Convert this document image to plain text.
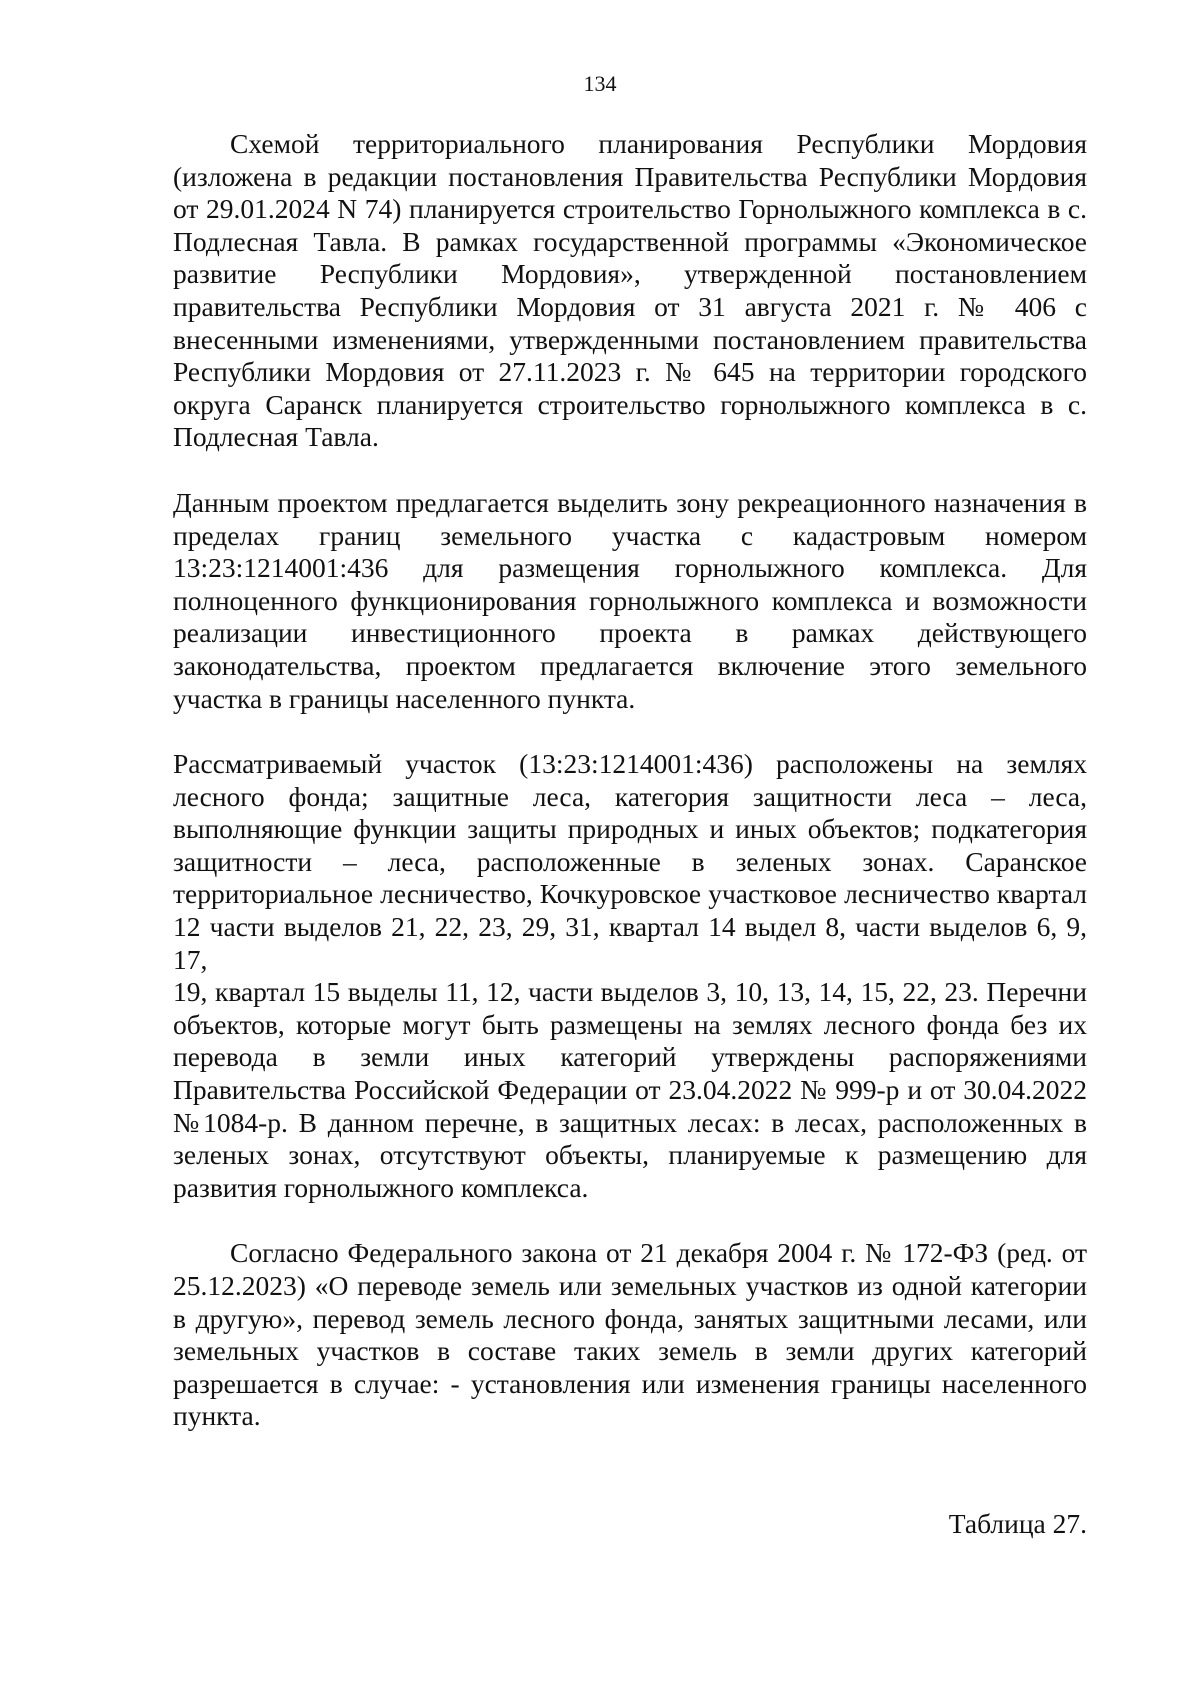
134

Схемой территориального планирования Республики Мордовия (изложена в редакции постановления Правительства Республики Мордовия от 29.01.2024 N 74) планируется строительство Горнолыжного комплекса в с. Подлесная Тавла. В рамках государственной программы «Экономическое развитие Республики Мордовия», утвержденной постановлением правительства Республики Мордовия от 31 августа 2021 г. № 406 с внесенными изменениями, утвержденными постановлением правительства Республики Мордовия от 27.11.2023 г. № 645 на территории городского округа Саранск планируется строительство горнолыжного комплекса в с. Подлесная Тавла.

Данным проектом предлагается выделить зону рекреационного назначения в пределах границ земельного участка с кадастровым номером 13:23:1214001:436 для размещения горнолыжного комплекса. Для полноценного функционирования горнолыжного комплекса и возможности реализации инвестиционного проекта в рамках действующего законодательства, проектом предлагается включение этого земельного участка в границы населенного пункта.

Рассматриваемый участок (13:23:1214001:436) расположены на землях лесного фонда; защитные леса, категория защитности леса – леса, выполняющие функции защиты природных и иных объектов; подкатегория защитности – леса, расположенные в зеленых зонах. Саранское территориальное лесничество, Кочкуровское участковое лесничество квартал 12 части выделов 21, 22, 23, 29, 31, квартал 14 выдел 8, части выделов 6, 9, 17,

19, квартал 15 выделы 11, 12, части выделов 3, 10, 13, 14, 15, 22, 23. Перечни объектов, которые могут быть размещены на землях лесного фонда без их перевода в земли иных категорий утверждены распоряжениями Правительства Российской Федерации от 23.04.2022 № 999-р и от 30.04.2022 №1084-р. В данном перечне, в защитных лесах: в лесах, расположенных в зеленых зонах, отсутствуют объекты, планируемые к размещению для развития горнолыжного комплекса.

Согласно Федерального закона от 21 декабря 2004 г. № 172-ФЗ (ред. от 25.12.2023) «О переводе земель или земельных участков из одной категории в другую», перевод земель лесного фонда, занятых защитными лесами, или земельных участков в составе таких земель в земли других категорий разрешается в случае: - установления или изменения границы населенного пункта.

Таблица 27.
